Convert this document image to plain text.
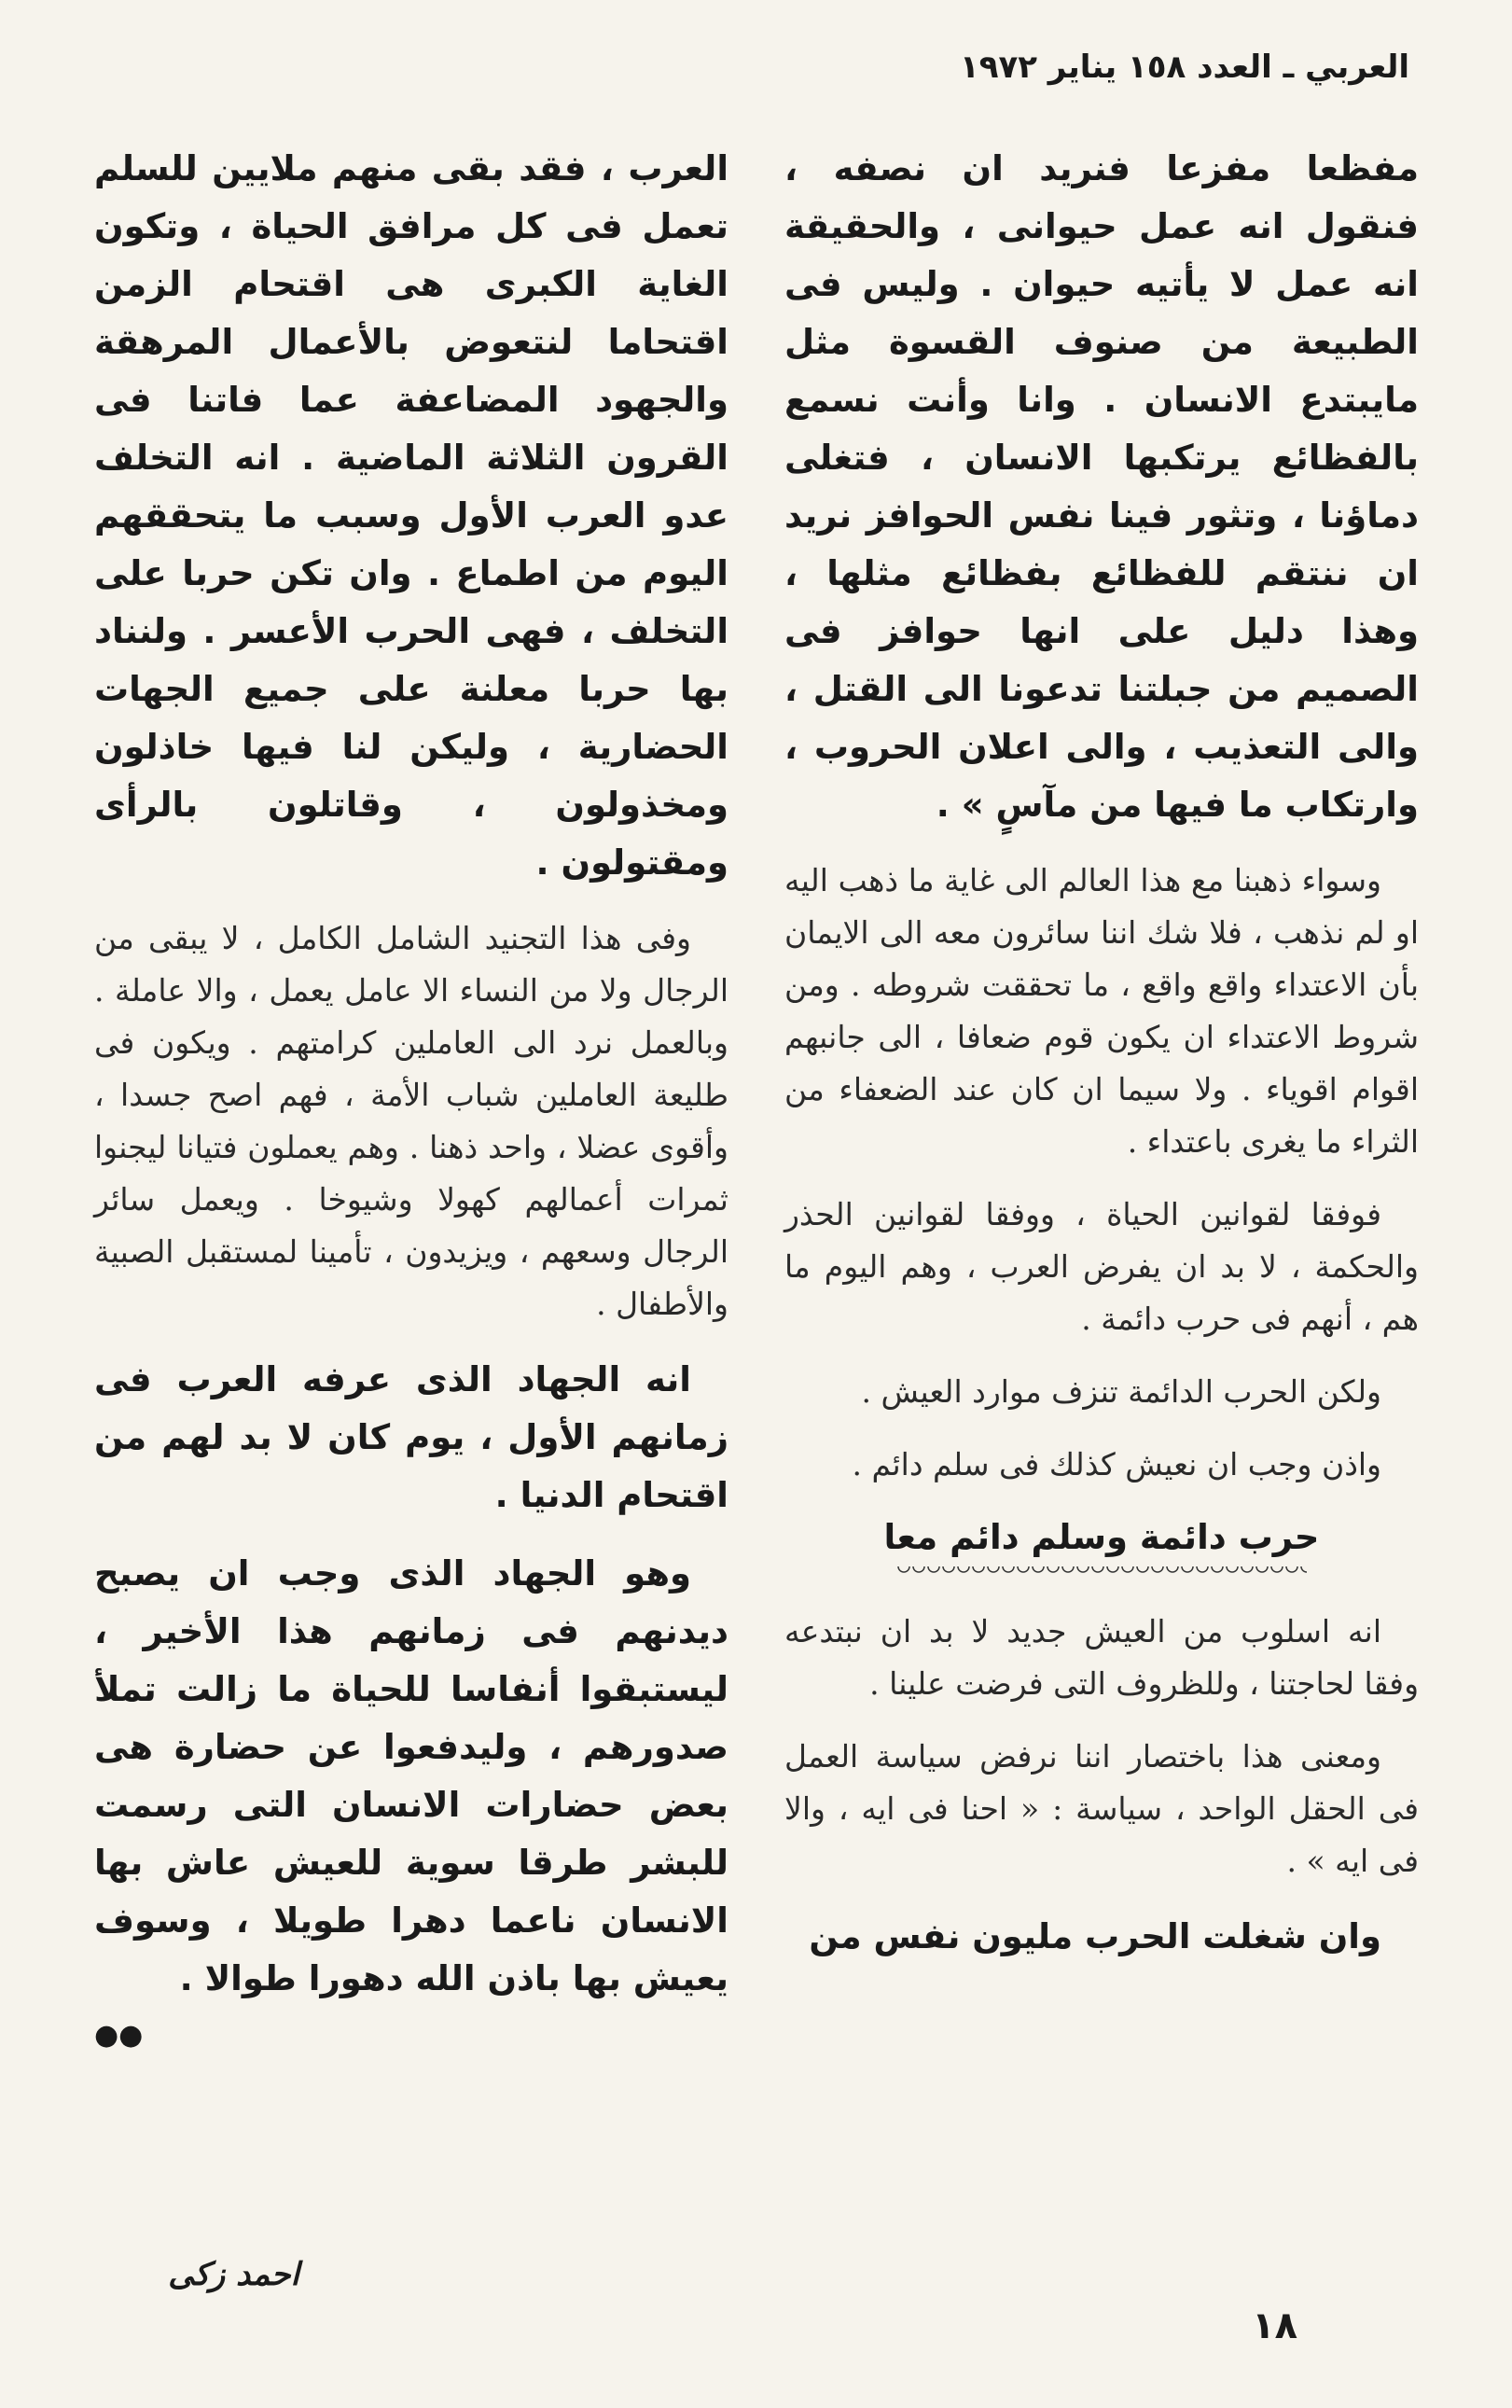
العربي ـ العدد ١٥٨ يناير ١٩٧٢

مفظعا مفزعا فنريد ان نصفه ، فنقول انه عمل حيوانى ، والحقيقة انه عمل لا يأتيه حيوان . وليس فى الطبيعة من صنوف القسوة مثل مايبتدع الانسان . وانا وأنت نسمع بالفظائع يرتكبها الانسان ، فتغلى دماؤنا ، وتثور فينا نفس الحوافز نريد ان ننتقم للفظائع بفظائع مثلها ، وهذا دليل على انها حوافز فى الصميم من جبلتنا تدعونا الى القتل ، والى التعذيب ، والى اعلان الحروب ، وارتكاب ما فيها من مآسٍ » .

وسواء ذهبنا مع هذا العالم الى غاية ما ذهب اليه او لم نذهب ، فلا شك اننا سائرون معه الى الايمان بأن الاعتداء واقع واقع ، ما تحققت شروطه . ومن شروط الاعتداء ان يكون قوم ضعافا ، الى جانبهم اقوام اقوياء . ولا سيما ان كان عند الضعفاء من الثراء ما يغرى باعتداء .

فوفقا لقوانين الحياة ، ووفقا لقوانين الحذر والحكمة ، لا بد ان يفرض العرب ، وهم اليوم ما هم ، أنهم فى حرب دائمة .

ولكن الحرب الدائمة تنزف موارد العيش .

واذن وجب ان نعيش كذلك فى سلم دائم .

حرب دائمة وسلم دائم معا

انه اسلوب من العيش جديد لا بد ان نبتدعه وفقا لحاجتنا ، وللظروف التى فرضت علينا .

ومعنى هذا باختصار اننا نرفض سياسة العمل فى الحقل الواحد ، سياسة : « احنا فى ايه ، والا فى ايه » .

وان شغلت الحرب مليون نفس من

العرب ، فقد بقى منهم ملايين للسلم تعمل فى كل مرافق الحياة ، وتكون الغاية الكبرى هى اقتحام الزمن اقتحاما لنتعوض بالأعمال المرهقة والجهود المضاعفة عما فاتنا فى القرون الثلاثة الماضية . انه التخلف عدو العرب الأول وسبب ما يتحققهم اليوم من اطماع . وان تكن حربا على التخلف ، فهى الحرب الأعسر . ولنناد بها حربا معلنة على جميع الجهات الحضارية ، وليكن لنا فيها خاذلون ومخذولون ، وقاتلون بالرأى ومقتولون .

وفى هذا التجنيد الشامل الكامل ، لا يبقى من الرجال ولا من النساء الا عامل يعمل ، والا عاملة . وبالعمل نرد الى العاملين كرامتهم . ويكون فى طليعة العاملين شباب الأمة ، فهم اصح جسدا ، وأقوى عضلا ، واحد ذهنا . وهم يعملون فتيانا ليجنوا ثمرات أعمالهم كهولا وشيوخا . ويعمل سائر الرجال وسعهم ، ويزيدون ، تأمينا لمستقبل الصبية والأطفال .

انه الجهاد الذى عرفه العرب فى زمانهم الأول ، يوم كان لا بد لهم من اقتحام الدنيا .

وهو الجهاد الذى وجب ان يصبح ديدنهم فى زمانهم هذا الأخير ، ليستبقوا أنفاسا للحياة ما زالت تملأ صدورهم ، وليدفعوا عن حضارة هى بعض حضارات الانسان التى رسمت للبشر طرقا سوية للعيش عاش بها الانسان ناعما دهرا طويلا ، وسوف يعيش بها باذن الله دهورا طوالا .

●●
احمد زكى
١٨
